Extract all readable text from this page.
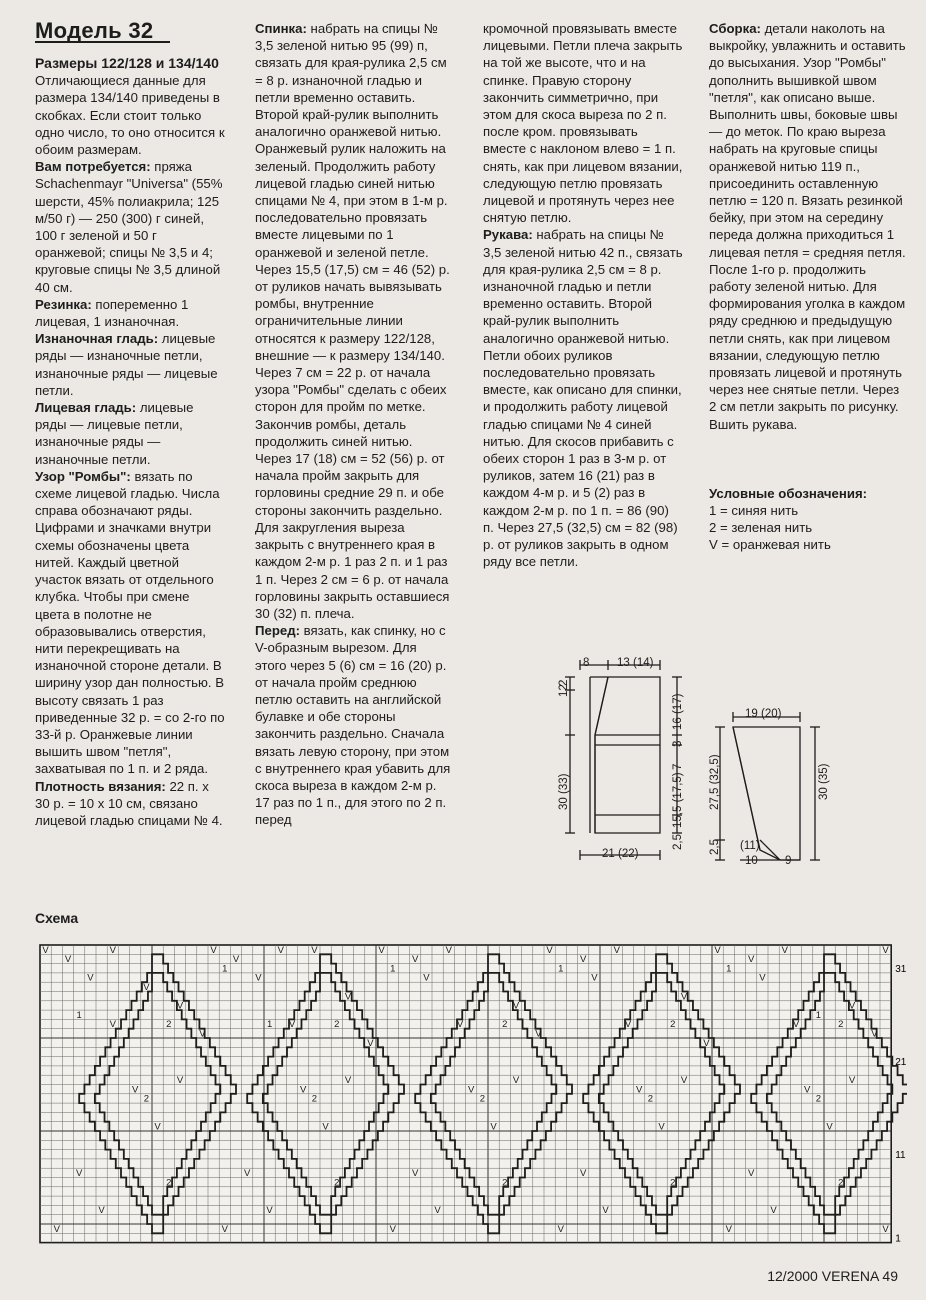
Модель 32

Размеры 122/128 и 134/140

Отличающиеся данные для размера 134/140 приведены в скобках. Если стоит только одно число, то оно относится к обоим размерам.

Вам потребуется: пряжа Schachenmayr "Universa" (55% шерсти, 45% полиакрила; 125 м/50 г) — 250 (300) г синей, 100 г зеленой и 50 г оранжевой; спицы № 3,5 и 4; круговые спицы № 3,5 длиной 40 см.

Резинка: попеременно 1 лицевая, 1 изнаночная.

Изнаночная гладь: лицевые ряды — изнаночные петли, изнаночные ряды — лицевые петли.

Лицевая гладь: лицевые ряды — лицевые петли, изнаночные ряды — изнаночные петли.

Узор "Ромбы": вязать по схеме лицевой гладью. Числа справа обозначают ряды. Цифрами и значками внутри схемы обозначены цвета нитей. Каждый цветной участок вязать от отдельного клубка. Чтобы при смене цвета в полотне не образовывались отверстия, нити перекрещивать на изнаночной стороне детали. В ширину узор дан полностью. В высоту связать 1 раз приведенные 32 р. = со 2-го по 33-й р. Оранжевые линии вышить швом "петля", захватывая по 1 п. и 2 ряда.

Плотность вязания: 22 п. х 30 р. = 10 х 10 см, связано лицевой гладью спицами № 4.

Спинка: набрать на спицы № 3,5 зеленой нитью 95 (99) п, связать для края-рулика 2,5 см = 8 р. изнаночной гладью и петли временно оставить. Второй край-рулик выполнить аналогично оранжевой нитью. Оранжевый рулик наложить на зеленый. Продолжить работу лицевой гладью синей нитью спицами № 4, при этом в 1-м р. последовательно провязать вместе лицевыми по 1 оранжевой и зеленой петле. Через 15,5 (17,5) см = 46 (52) р. от руликов начать вывязывать ромбы, внутренние ограничительные линии относятся к размеру 122/128, внешние — к размеру 134/140. Через 7 см = 22 р. от начала узора "Ромбы" сделать с обеих сторон для пройм по метке. Закончив ромбы, деталь продолжить синей нитью. Через 17 (18) см = 52 (56) р. от начала пройм закрыть для горловины средние 29 п. и обе стороны закончить раздельно. Для закругления выреза закрыть с внутреннего края в каждом 2-м р. 1 раз 2 п. и 1 раз 1 п. Через 2 см = 6 р. от начала горловины закрыть оставшиеся 30 (32) п. плеча.

Перед: вязать, как спинку, но с V-образным вырезом. Для этого через 5 (6) см = 16 (20) р. от начала пройм среднюю петлю оставить на английской булавке и обе стороны закончить раздельно. Сначала вязать левую сторону, при этом с внутреннего края убавить для скоса выреза в каждом 2-м р. 17 раз по 1 п., для этого по 2 п. перед

кромочной провязывать вместе лицевыми. Петли плеча закрыть на той же высоте, что и на спинке. Правую сторону закончить симметрично, при этом для скоса выреза по 2 п. после кром. провязывать вместе с наклоном влево = 1 п. снять, как при лицевом вязании, следующую петлю провязать лицевой и протянуть через нее снятую петлю.

Рукава: набрать на спицы № 3,5 зеленой нитью 42 п., связать для края-рулика 2,5 см = 8 р. изнаночной гладью и петли временно оставить. Второй край-рулик выполнить аналогично оранжевой нитью. Петли обоих руликов последовательно провязать вместе, как описано для спинки, и продолжить работу лицевой гладью спицами № 4 синей нитью. Для скосов прибавить с обеих сторон 1 раз в 3-м р. от руликов, затем 16 (21) раз в каждом 4-м р. и 5 (2) раз в каждом 2-м р. по 1 п. = 86 (90) п. Через 27,5 (32,5) см = 82 (98) р. от руликов закрыть в одном ряду все петли.

Сборка: детали наколоть на выкройку, увлажнить и оставить до высыхания. Узор "Ромбы" дополнить вышивкой швом "петля", как описано выше. Выполнить швы, боковые швы — до меток. По краю выреза набрать на круговые спицы оранжевой нитью 119 п., присоединить оставленную петлю = 120 п. Вязать резинкой бейку, при этом на середину переда должна приходиться 1 лицевая петля = средняя петля. После 1-го р. продолжить работу зеленой нитью. Для формирования уголка в каждом ряду среднюю и предыдущую петли снять, как при лицевом вязании, следующую петлю провязать лицевой и протянуть через нее снятые петли. Через 2 см петли закрыть по рисунку. Вшить рукава.

Условные обозначения:

1 = синяя нить

2 = зеленая нить

V = оранжевая нить

8 13 (14)
21 (22)
16 (17)
3
7
15,5 (17,5)
2,5
12
2
30 (33)
19 (20)
27,5 (32,5)
2,5
30 (35)
(11)
10 9
Схема
V
V
V	V
V
V	V	V
V
V	V
V
V	V
V
V	V
V
V
V
V
V
V
V
V
V
V
V
V
V
V
V
V
V
V
V
V
V
V
V
V
V
V
V
V
V
V
V
V	V	V	V	V
V	V	V	V	V
V	V	V	V	V
V	V	V	V	V	V
2
2
2
2
2
2
2
2
2
2
2
2
2
2
2
1
1
1
1	1	1
1
31
21
11
1
12/2000 VERENA 49
